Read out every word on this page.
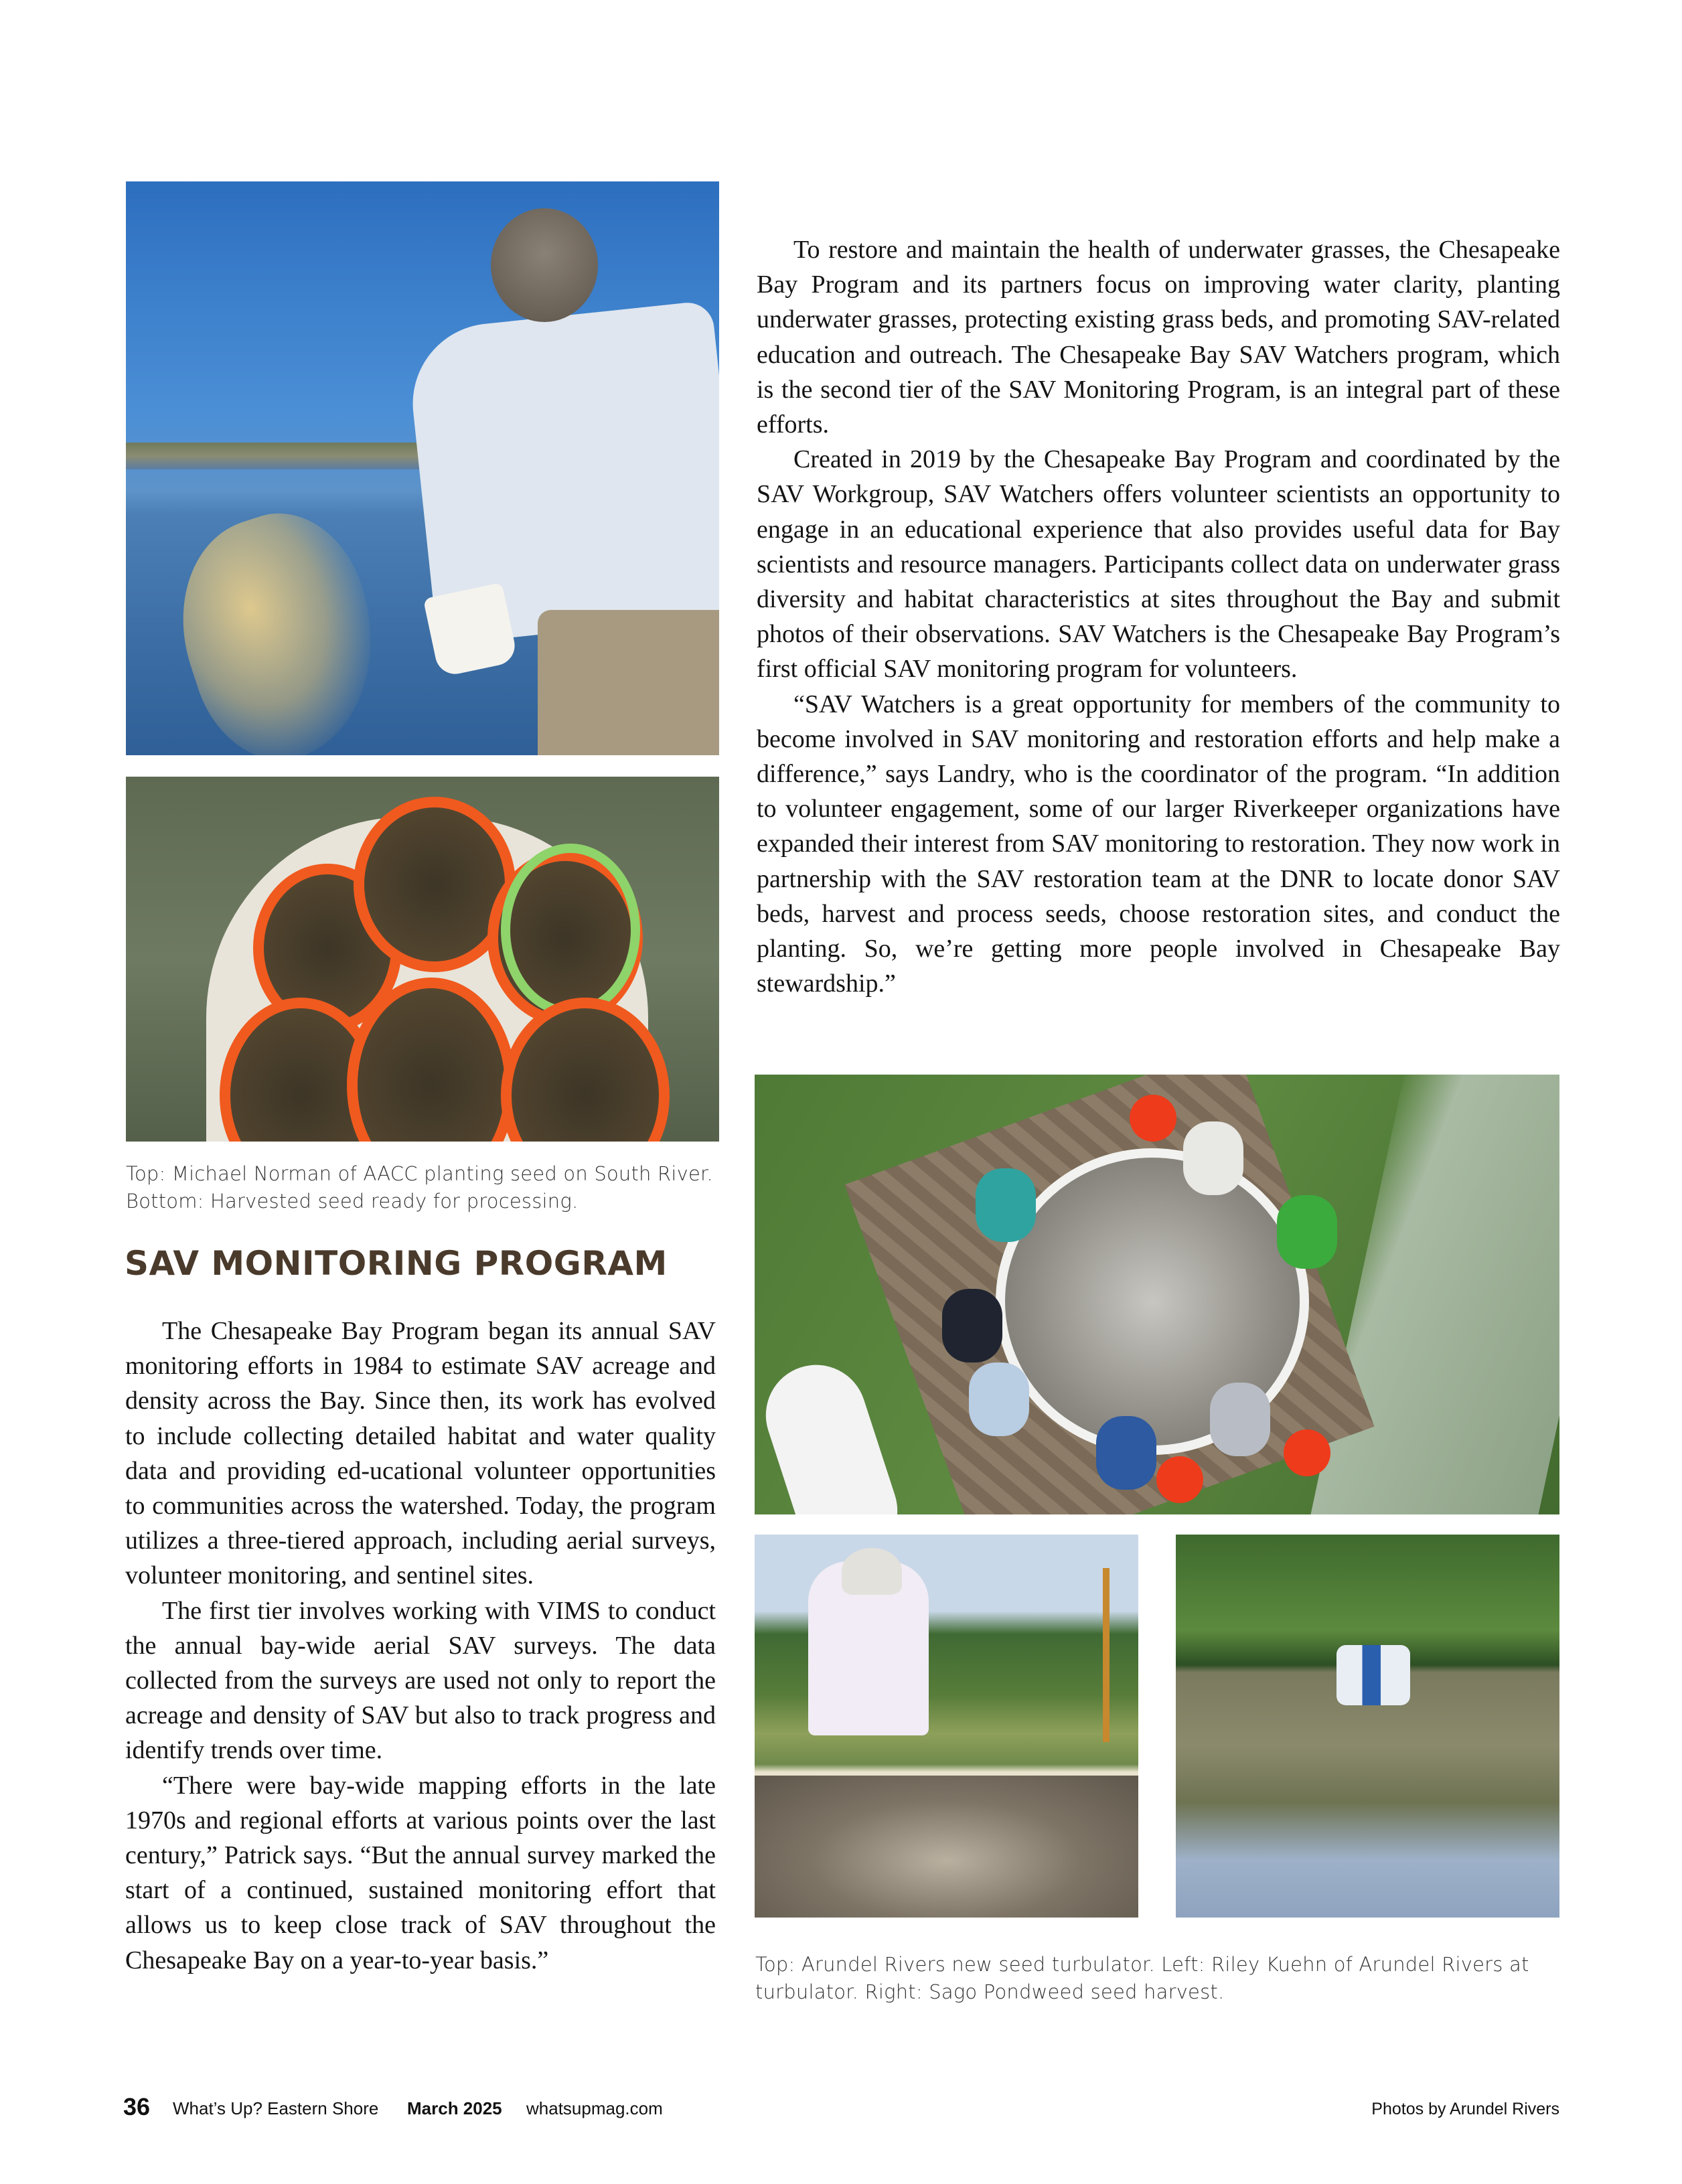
Top: Michael Norman of AACC planting seed on South River. Bottom: Harvested seed ready for processing.
SAV MONITORING PROGRAM

The Chesapeake Bay Program began its annual SAV monitoring efforts in 1984 to estimate SAV acreage and density across the Bay. Since then, its work has evolved to include collecting detailed habitat and water quality data and providing ed-ucational volunteer opportunities to communities across the watershed. Today, the program utilizes a three-tiered approach, including aerial surveys, volunteer monitoring, and sentinel sites.

The first tier involves working with VIMS to conduct the annual bay-wide aerial SAV surveys. The data collected from the surveys are used not only to report the acreage and density of SAV but also to track progress and identify trends over time.

“There were bay-wide mapping efforts in the late 1970s and regional efforts at various points over the last century,” Patrick says. “But the annual survey marked the start of a continued, sustained monitoring effort that allows us to keep close track of SAV throughout the Chesapeake Bay on a year-to-year basis.”

To restore and maintain the health of underwater grasses, the Chesapeake Bay Program and its partners focus on improving water clarity, planting underwater grasses, protecting existing grass beds, and promoting SAV-related education and outreach. The Chesapeake Bay SAV Watchers program, which is the second tier of the SAV Monitoring Program, is an integral part of these efforts.

Created in 2019 by the Chesapeake Bay Program and coordinated by the SAV Workgroup, SAV Watchers offers volunteer scientists an opportunity to engage in an educational experience that also provides useful data for Bay scientists and resource managers. Participants collect data on underwater grass diversity and habitat characteristics at sites throughout the Bay and submit photos of their observations. SAV Watchers is the Chesapeake Bay Program’s first official SAV monitoring program for volunteers.

“SAV Watchers is a great opportunity for members of the community to become involved in SAV monitoring and restoration efforts and help make a difference,” says Landry, who is the coordinator of the program. “In addition to volunteer engagement, some of our larger Riverkeeper organizations have expanded their interest from SAV monitoring to restoration. They now work in partnership with the SAV restoration team at the DNR to locate donor SAV beds, harvest and process seeds, choose restoration sites, and conduct the planting. So, we’re getting more people involved in Chesapeake Bay stewardship.”

Top: Arundel Rivers new seed turbulator. Left: Riley Kuehn of Arundel Rivers at turbulator. Right: Sago Pondweed seed harvest.
36 What’s Up? Eastern Shore March 2025 whatsupmag.com	Photos by Arundel Rivers
